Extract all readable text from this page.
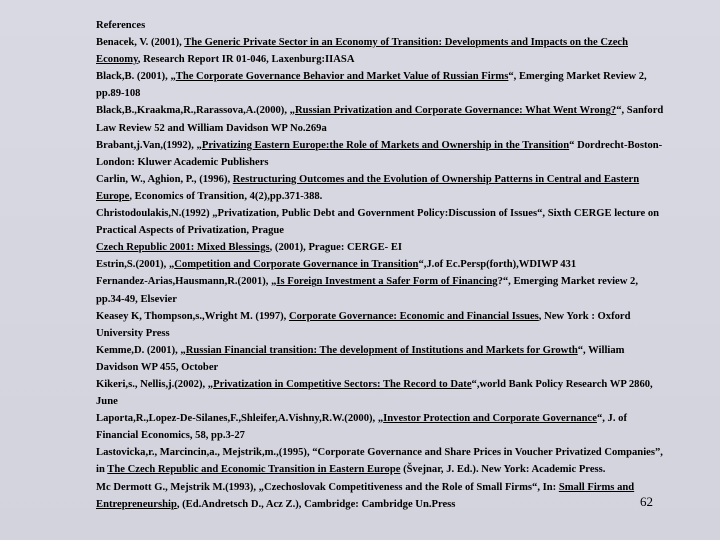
References

Benacek, V. (2001), The Generic Private Sector in an Economy of Transition: Developments and Impacts on the Czech Economy, Research Report IR 01-046, Laxenburg:IIASA

Black,B. (2001), „The Corporate Governance Behavior and Market Value of Russian Firms“, Emerging Market Review 2, pp.89-108

Black,B.,Kraakma,R.,Rarassova,A.(2000), „Russian Privatization and Corporate Governance: What Went Wrong?“, Sanford Law Review 52 and William Davidson WP No.269a

Brabant,j.Van,(1992), „Privatizing Eastern Europe:the Role of Markets and Ownership in the Transition“ Dordrecht-Boston-London: Kluwer Academic Publishers

Carlin, W., Aghion, P., (1996), Restructuring Outcomes and the Evolution of Ownership Patterns in Central and Eastern Europe, Economics of Transition, 4(2),pp.371-388.

Christodoulakis,N.(1992) „Privatization, Public Debt and Government Policy:Discussion of Issues“, Sixth CERGE lecture on Practical Aspects of Privatization, Prague

Czech Republic 2001: Mixed Blessings, (2001), Prague: CERGE- EI

Estrin,S.(2001), „Competition and Corporate Governance in Transition“,J.of Ec.Persp(forth),WDIWP 431

Fernandez-Arias,Hausmann,R.(2001), „Is Foreign Investment a Safer Form of Financing?“, Emerging Market review 2, pp.34-49, Elsevier

Keasey K, Thompson,s.,Wright M. (1997), Corporate Governance: Economic and Financial Issues, New York : Oxford University Press

Kemme,D. (2001), „Russian Financial transition: The development of Institutions and Markets for Growth“, William Davidson WP 455, October

Kikeri,s., Nellis,j.(2002), „Privatization in Competitive Sectors: The Record to Date“,world Bank Policy Research WP 2860, June

Laporta,R.,Lopez-De-Silanes,F.,Shleifer,A.Vishny,R.W.(2000), „Investor Protection and Corporate Governance“, J. of Financial Economics, 58, pp.3-27

Lastovicka,r., Marcincin,a., Mejstrik,m.,(1995), “Corporate Governance and Share Prices in Voucher Privatized Companies”, in The Czech Republic and Economic Transition in Eastern Europe (Švejnar, J. Ed.). New York: Academic Press.

Mc Dermott G., Mejstrik M.(1993), „Czechoslovak Competitiveness and the Role of Small Firms“, In: Small Firms and Entrepreneurship, (Ed.Andretsch D., Acz Z.), Cambridge: Cambridge Un.Press	62
